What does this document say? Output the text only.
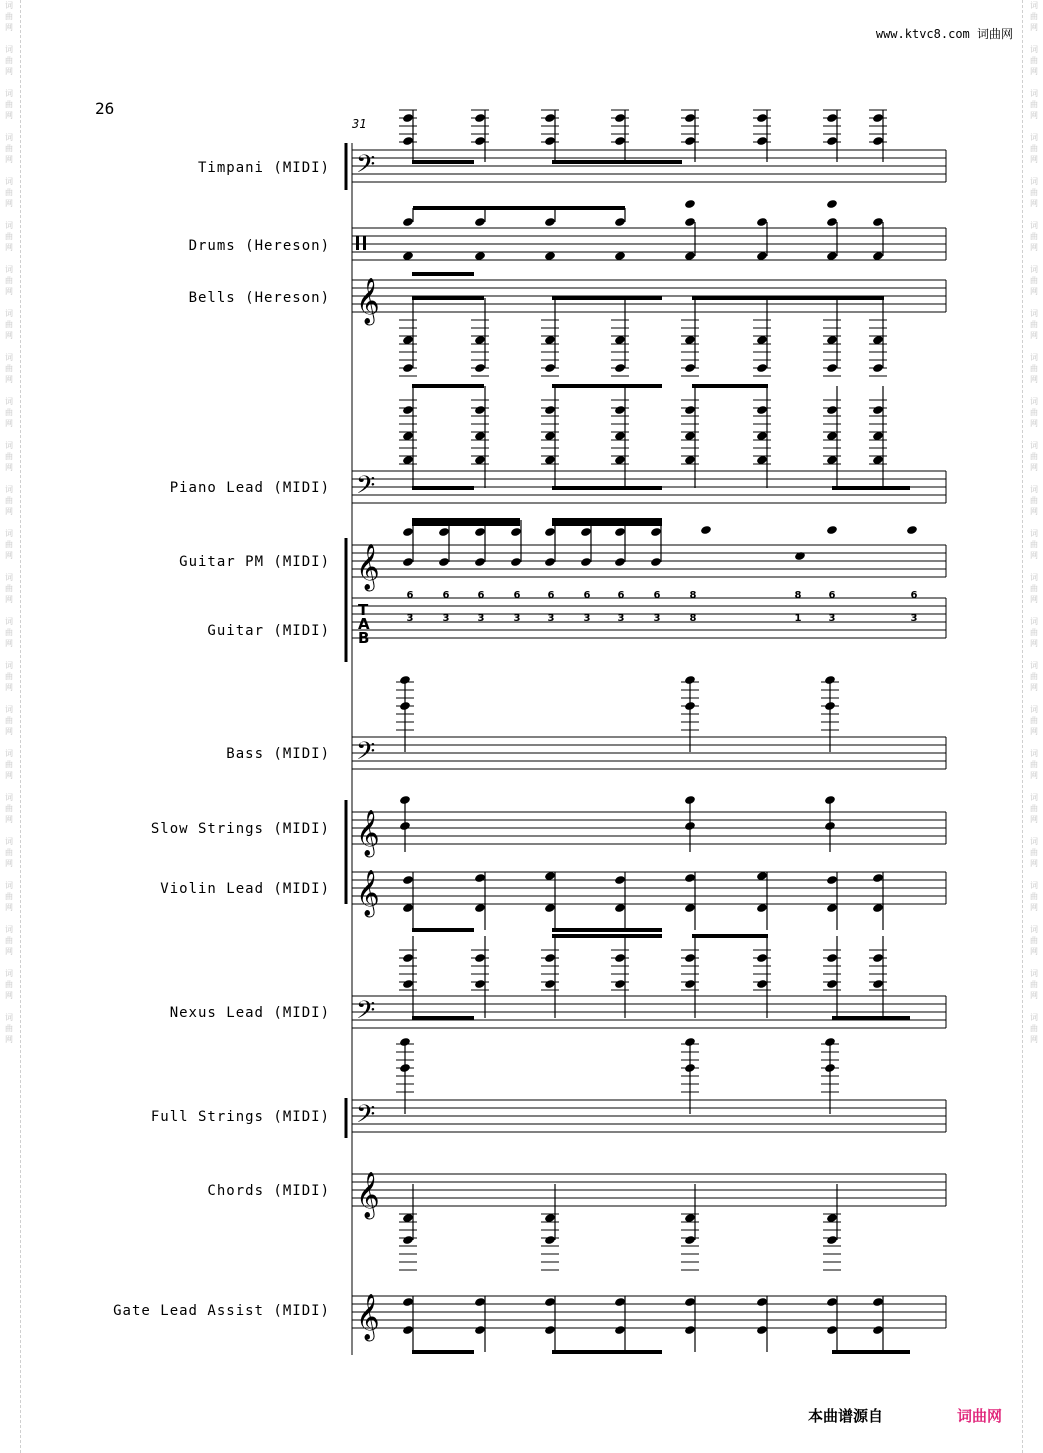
词
曲
网

词
曲
网

词
曲
网

词
曲
网

词
曲
网

词
曲
网

词
曲
网

词
曲
网

词
曲
网

词
曲
网

词
曲
网

词
曲
网

词
曲
网

词
曲
网

词
曲
网

词
曲
网

词
曲
网

词
曲
网

词
曲
网

词
曲
网

词
曲
网

词
曲
网

词
曲
网

词
曲
网

词
曲
网

词
曲
网

词
曲
网

词
曲
网

词
曲
网

词
曲
网

词
曲
网

词
曲
网

词
曲
网

词
曲
网

词
曲
网

词
曲
网

词
曲
网

词
曲
网

词
曲
网

词
曲
网

词
曲
网

词
曲
网

词
曲
网

词
曲
网

词
曲
网

词
曲
网

词
曲
网

词
曲
网

www.ktvc8.com 词曲网
26
31
Timpani (MIDI)
Drums (Hereson)
Bells (Hereson)
Piano Lead (MIDI)
Guitar PM (MIDI)
Guitar (MIDI)
Bass (MIDI)
Slow Strings (MIDI)
Violin Lead (MIDI)
Nexus Lead (MIDI)
Full Strings (MIDI)
Chords (MIDI)
Gate Lead Assist (MIDI)
𝄢
𝄞
𝄢
𝄞
6	6	6	6	6	6	6	6	8	8	6	6
3	3	3	3	3	3	3	3	8	1	3	3
T
A
B
𝄢
𝄞
𝄞
𝄢
𝄢
𝄞
𝄞
本曲谱源自	词曲网
